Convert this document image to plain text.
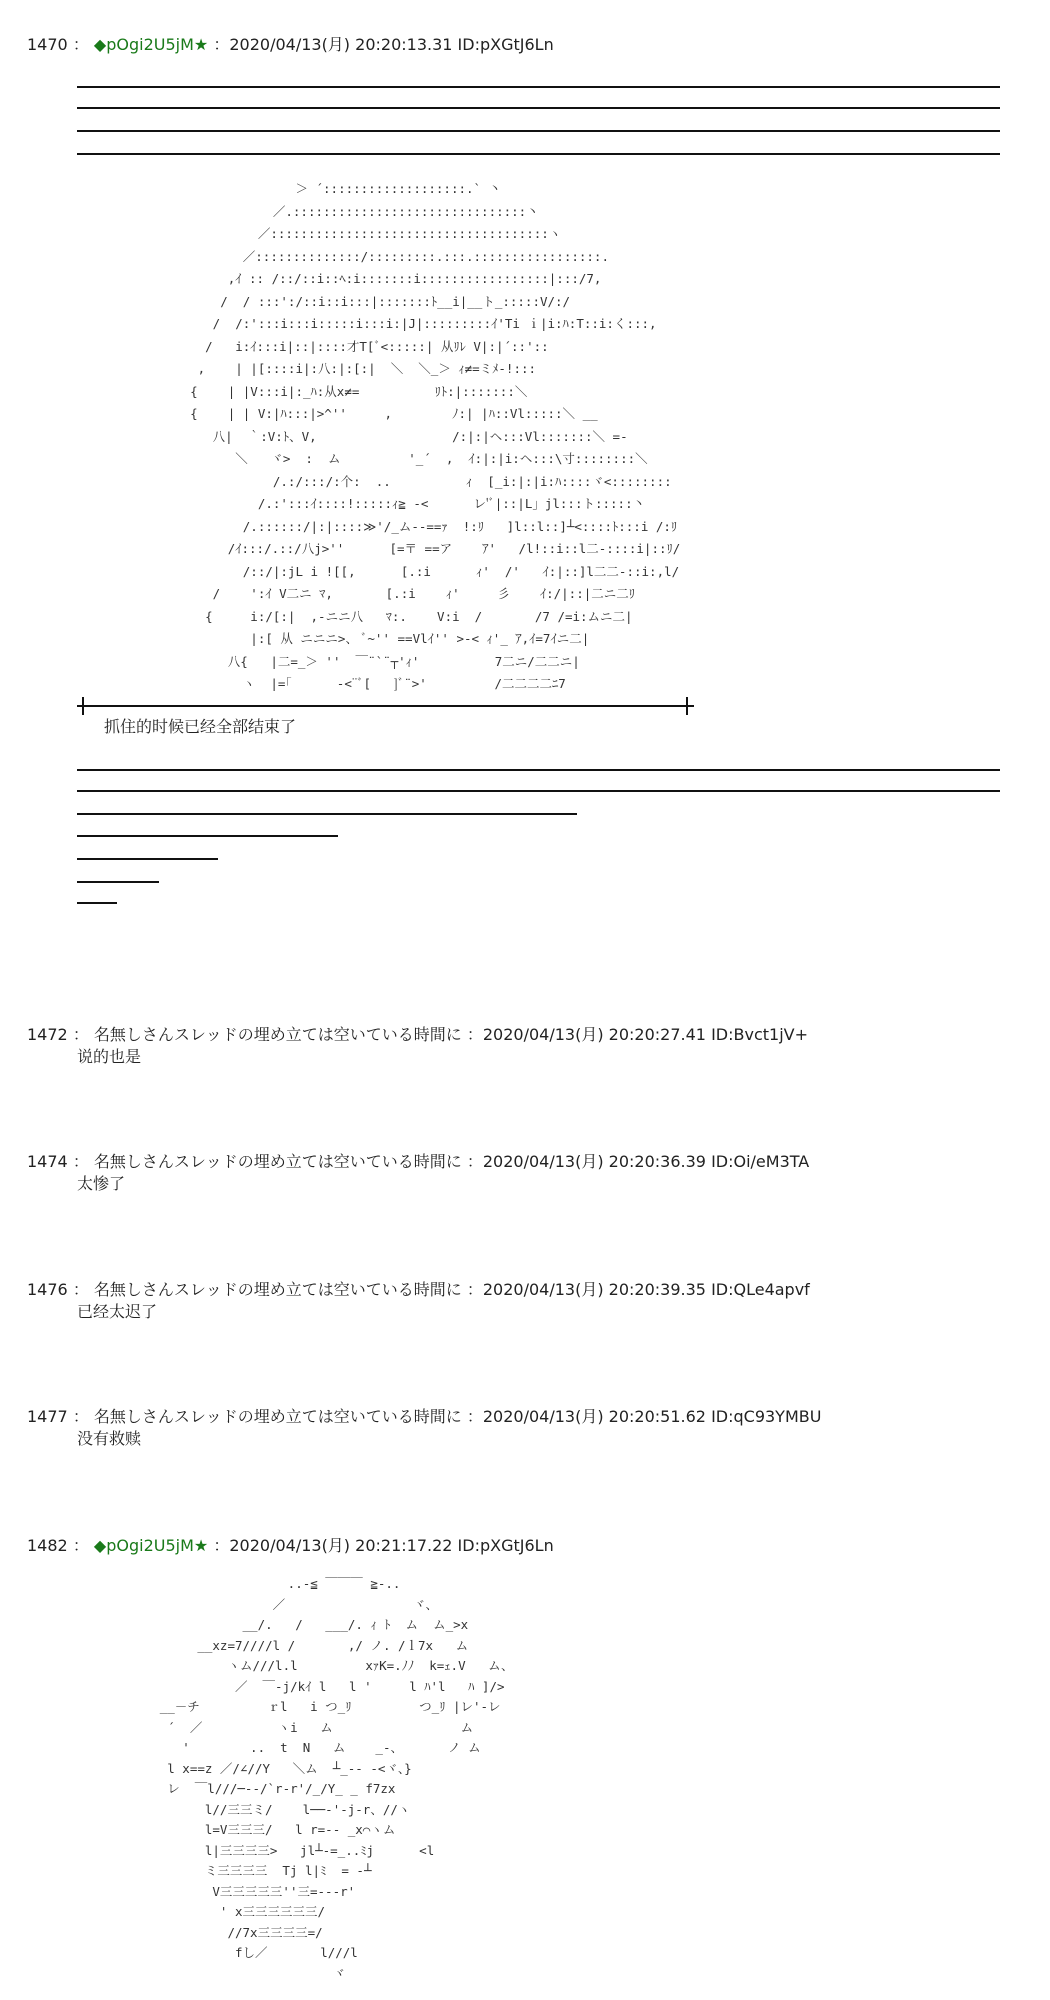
1470 ： ◆pOgi2U5jM★ ：2020/04/13(月) 20:20:13.31 ID:pXGtJ6Ln
＞ ´:::::::::::::::::::.` 丶
／.:::::::::::::::::::::::::::::::丶
／:::::::::::::::::::::::::::::::::::::ヽ
／::::::::::::::/:::::::::.:::.:::::::::::::::::.
,ｲ :: /::/::i::ﾍ:i:::::::i:::::::::::::::::|:::/7,
/  / :::':/::i::i:::|:::::::ﾄ__i|__ト_:::::V/:/
/  /:':::i:::i:::::i:::i:|J|:::::::::ｲ'Ti ｉ|i:ﾊ:T::i:く:::,
/   i:ｲ:::i|::|::::才T[ﾞ<:::::| 从ﾘﾚ V|:|´::'::
,    | |[::::i|:八:|:[:|  ＼  ＼_＞ ｨ≠=ミﾒ-!:::
{    | |V:::i|:_ﾊ:从x≠=          ﾘﾄ:|:::::::＼
{    | | V:|ﾊ:::|>^''     ,        ﾉ:| |ﾊ::Vl:::::＼ __
八|  ｀:V:ﾄ、V,                  /:|:|ヘ:::Vl:::::::＼ =-
＼   ヾ>  :  ム         '_´  ,  ｲ:|:|i:ヘ:::\寸::::::::＼
/.:/:::/:个:  ..          ｨ  [_i:|:|i:ﾊ::::ヾ<::::::::
/.:':::ｲ::::!:::::ｨ≧ -<      レ'ﾞ|::|L」jl:::ト:::::丶
/.::::::/|:|::::≫'/_ム-‐==ｧ  !:ﾘ   ]l::l::]┴<::::ﾄ:::i /:ﾘ
/ｲ:::/.::/八j>''      [=〒 ==ア    ｱ'   /l!::i::l二-::::i|::ﾘ/
/::/|:jL i ![[,      [.:i      ｨ'  /'   ｲ:|::]l二二-::i:,l/
/    ':ｲ V二ニ ﾏ,       [.:i    ｨ'     彡    ｲ:/|::|二ニ二ﾘ
{     i:/[:|  ,-ニニ八   ﾏ:.    V:i  /       /7 /=i:ムニ二|
|:[ 从 ニニニ>、 ﾞ~'' ==Vlｲ'' >-< ｨ'_ ｱ,ｲ=7ｲニ二|
八{   |二=_＞ ''  ￣¨`¨┬'ｨ'          7二ニ/二二ニ|
ヽ  |=｢      ‐<¨ﾞ[   ]ﾞ¨>'         /二二二二ﾆ7
抓住的时候已经全部结束了
1472 ： 名無しさんスレッドの埋め立ては空いている時間に ：2020/04/13(月) 20:20:27.41 ID:Bvct1jV+
说的也是
1474 ： 名無しさんスレッドの埋め立ては空いている時間に ：2020/04/13(月) 20:20:36.39 ID:Oi/eM3TA
太惨了
1476 ： 名無しさんスレッドの埋め立ては空いている時間に ：2020/04/13(月) 20:20:39.35 ID:QLe4apvf
已经太迟了
1477 ： 名無しさんスレッドの埋め立ては空いている時間に ：2020/04/13(月) 20:20:51.62 ID:qC93YMBU
没有救赎
1482 ： ◆pOgi2U5jM★ ：2020/04/13(月) 20:21:17.22 ID:pXGtJ6Ln
..-≦ ￣￣￣ ≧-..
／                 ヾ、
__/.   /   ___/. ｨ ﾄ  ム  ム_>x
__xz=7////l /       ,/ ノ. /ｌ7x   ム
ヽム///l.l         xｧK=.ﾉﾉ  k=ｪ.V   ム、
／  ￣‐j/kｲ l   l '     l ﾊ'l   ﾊ ]/>
__－チ         ｒl   i つ_ﾘ         つ_ﾘ |レ'-レ
´  ／          ヽi   ム                 ム
'        ..  t  N   ム    _-、      ノ ム
l x==z ／/∠//Y   ＼ム  ┴_-- ‐<ヾ、}
レ  ￣l///─--/`r-r'/_/Y_ _ f7zx
l//三三ミ/    l──-'-j-r、//ヽ
l=V三三三/   l r=-- _x⌒ヽム
l|三三三三>   jl┴-=_..ﾐj      <l
ミ三三三三  Tj l|ﾐ  = -┴
V三三三三三''三=---r'
' x三三三三三三/
//7x三三三三=/
fし／       l///l
ヾ
